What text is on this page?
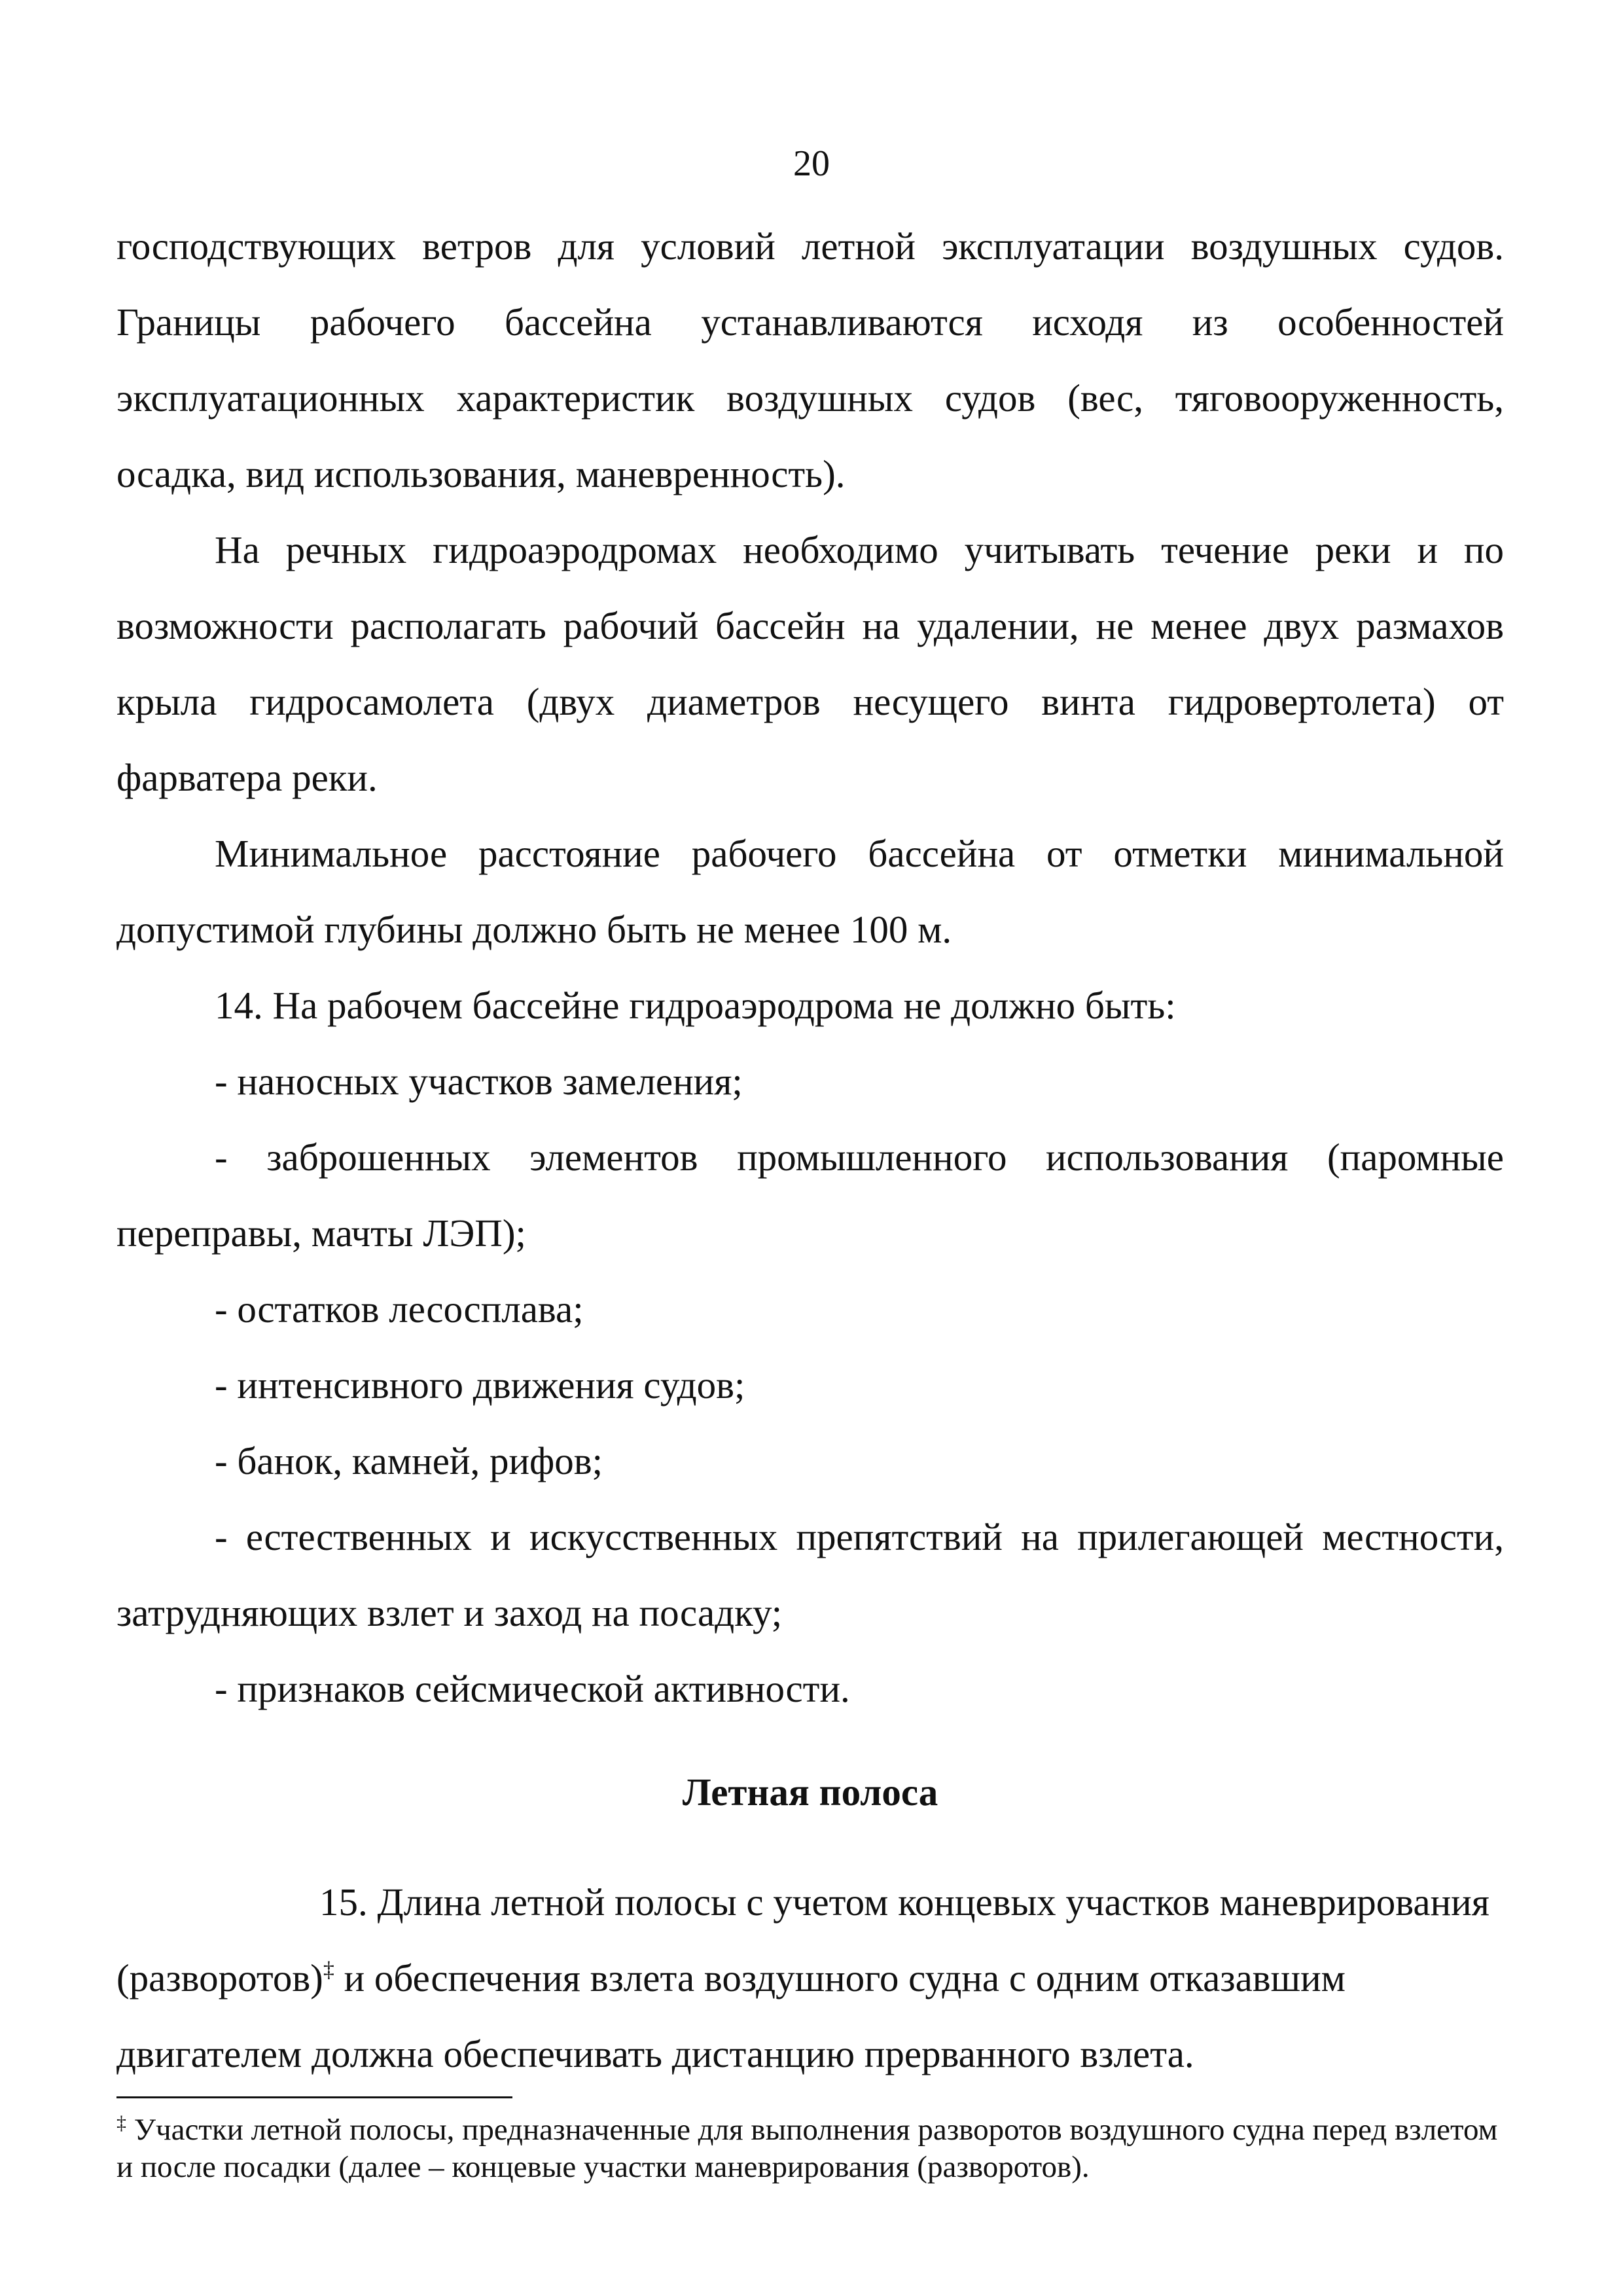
20

господствующих ветров для условий летной эксплуатации воздушных судов. Границы рабочего бассейна устанавливаются исходя из особенностей эксплуатационных характеристик воздушных судов (вес, тяговооруженность, осадка, вид использования, маневренность).

На речных гидроаэродромах необходимо учитывать течение реки и по возможности располагать рабочий бассейн на удалении, не менее двух размахов крыла гидросамолета (двух диаметров несущего винта гидровертолета) от фарватера реки.

Минимальное расстояние рабочего бассейна от отметки минимальной допустимой глубины должно быть не менее 100 м.

14. На рабочем бассейне гидроаэродрома не должно быть:

- наносных участков замеления;

- заброшенных элементов промышленного использования (паромные переправы, мачты ЛЭП);

- остатков лесосплава;

- интенсивного движения судов;

- банок, камней, рифов;

- естественных и искусственных препятствий на прилегающей местности, затрудняющих взлет и заход на посадку;

- признаков сейсмической активности.

Летная полоса

15. Длина летной полосы с учетом концевых участков маневрирования (разворотов)‡ и обеспечения взлета воздушного судна с одним отказавшим двигателем должна обеспечивать дистанцию прерванного взлета.

‡ Участки летной полосы, предназначенные для выполнения разворотов воздушного судна перед взлетом и после посадки (далее – концевые участки маневрирования (разворотов).
